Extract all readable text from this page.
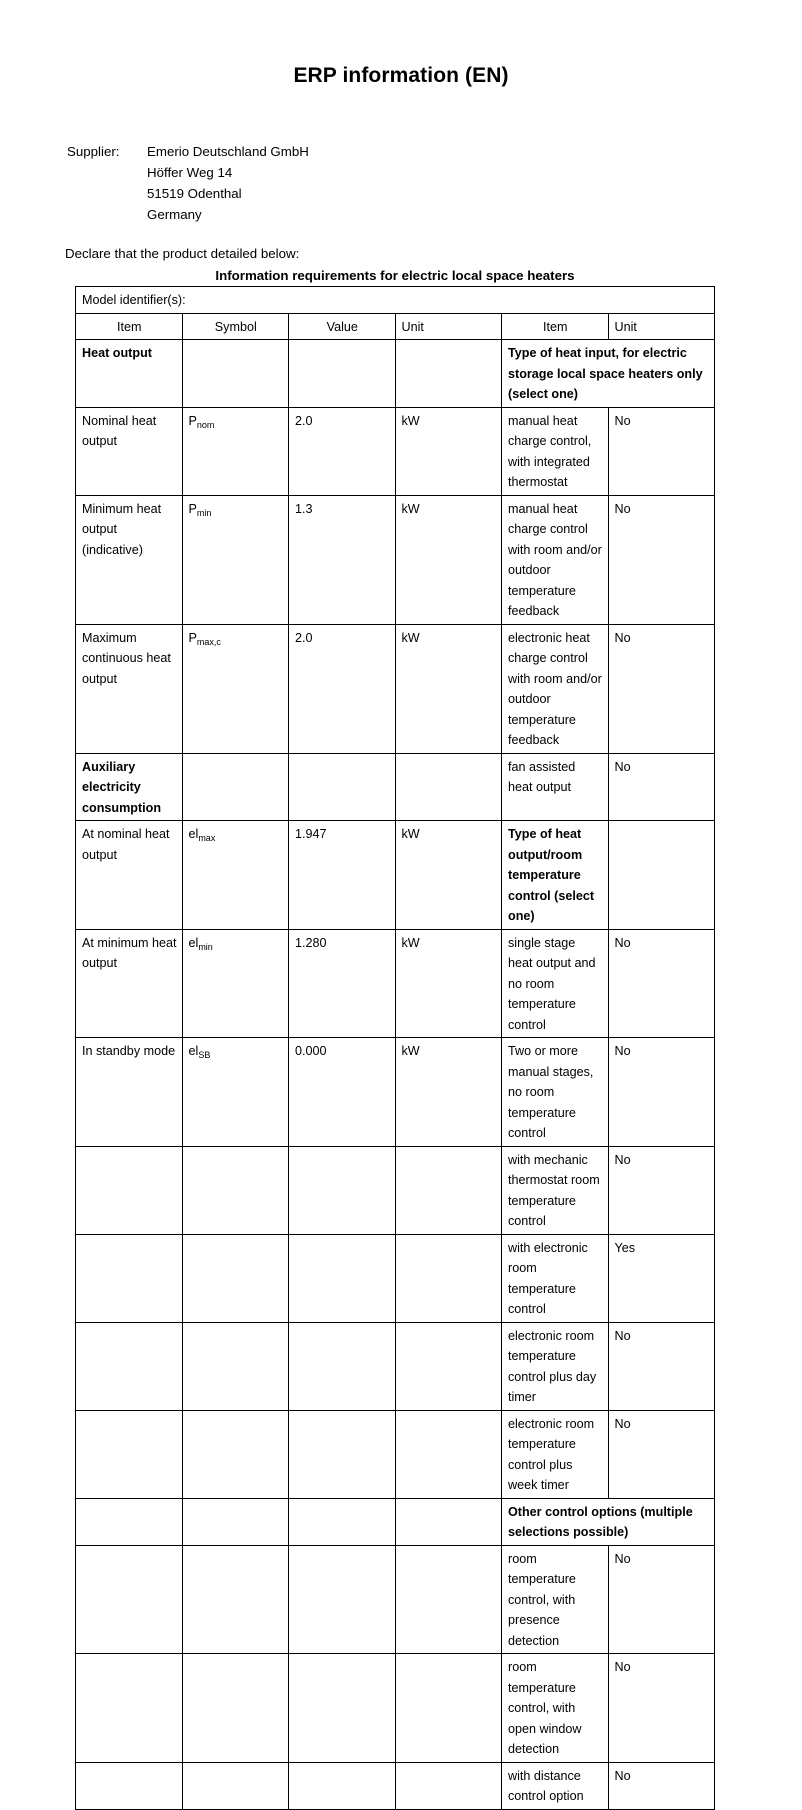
ERP information (EN)
Supplier:	Emerio Deutschland GmbH
Höffer Weg 14
51519 Odenthal
Germany
Declare that the product detailed below:
Information requirements for electric local space heaters
Model identifier(s):					
Item	Symbol	Value	Unit	Item	Unit
Heat output				Type of heat input, for electric storage local space heaters only (select one)	
Nominal heat output	$P_{nom}$	2.0	kW	manual heat charge control, with integrated thermostat	No
Minimum heat output (indicative)	$P_{min}$	1.3	kW	manual heat charge control with room and/or outdoor temperature feedback	No
Maximum continuous heat output	$P_{max,c}$	2.0	kW	electronic heat charge control with room and/or outdoor temperature feedback	No
Auxiliary electricity consumption				fan assisted heat output	No
At nominal heat output	$el_{max}$	1.947	kW	Type of heat output/room temperature control (select one)	
At minimum heat output	$el_{min}$	1.280	kW	single stage heat output and no room temperature control	No
In standby mode	$el_{SB}$	0.000	kW	Two or more manual stages, no room temperature control	No
				with mechanic thermostat room temperature control	No
				with electronic room temperature control	Yes
				electronic room temperature control plus day timer	No
				electronic room temperature control plus week timer	No
				Other control options (multiple selections possible)	
				room temperature control, with presence detection	No
				room temperature control, with open window detection	No
				with distance control option	No
